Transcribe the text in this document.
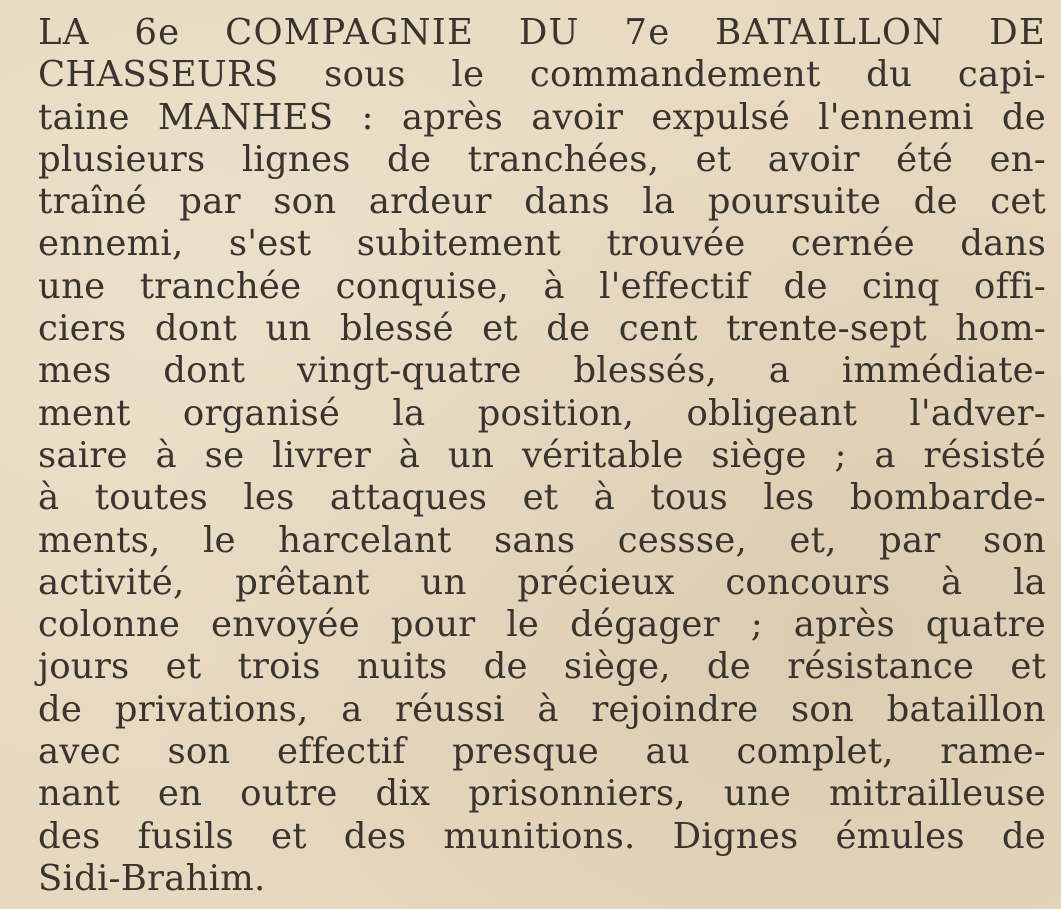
LA 6e COMPAGNIE DU 7e BATAILLON DE
CHASSEURS sous le commandement du capi-
taine MANHES : après avoir expulsé l'ennemi de
plusieurs lignes de tranchées, et avoir été en-
traîné par son ardeur dans la poursuite de cet
ennemi, s'est subitement trouvée cernée dans
une tranchée conquise, à l'effectif de cinq offi-
ciers dont un blessé et de cent trente-sept hom-
mes dont vingt-quatre blessés, a immédiate-
ment organisé la position, obligeant l'adver-
saire à se livrer à un véritable siège ; a résisté
à toutes les attaques et à tous les bombarde-
ments, le harcelant sans cessse, et, par son
activité, prêtant un précieux concours à la
colonne envoyée pour le dégager ; après quatre
jours et trois nuits de siège, de résistance et
de privations, a réussi à rejoindre son bataillon
avec son effectif presque au complet, rame-
nant en outre dix prisonniers, une mitrailleuse
des fusils et des munitions. Dignes émules de
Sidi-Brahim.
